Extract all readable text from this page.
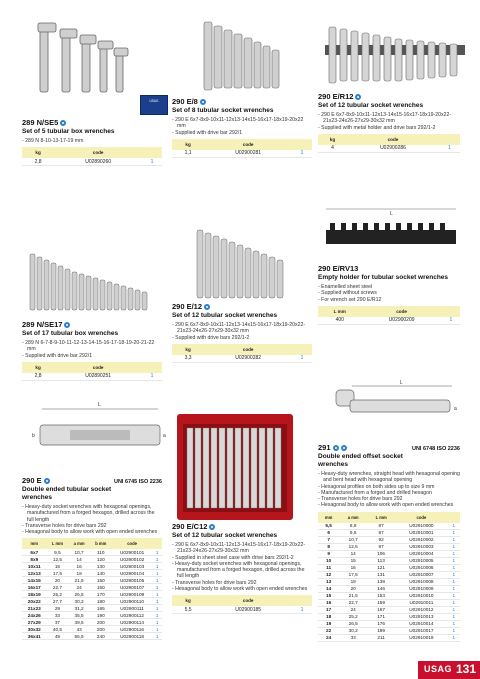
USAG
L
L
b	a
L
a
289 N/SE5
Set of 5 tubular box wrenches
- 289 N 8-10-13-17-19 mm
kg	code	
2,8	U02890260	1
290 E/8
Set of 8 tubular socket wrenches
- 290 E 6x7-8x9-10x11-12x13-14x15-16x17-18x19-20x22 mm
- Supplied with drive bar 292/1
kg	code	
1,1	U02900281	1
290 E/R12
Set of 12 tubular socket wrenches
- 290 E 6x7-8x9-10x11-12x13-14x15-16x17-18x19-20x22-21x23-24x26-27x29-30x32 mm
- Supplied with metal holder and drive bars 292/1-2
kg	code	
4	U02900286	1
289 N/SE17
Set of 17 tubular box wrenches
- 289 N 6-7-8-9-10-11-12-13-14-15-16-17-18-19-20-21-22 mm
- Supplied with drive bar 292/1
kg	code	
2,8	U02890251	1
290 E/12
Set of 12 tubular socket wrenches
- 290 E 6x7-8x9-10x11-12x13-14x15-16x17-18x19-20x22-21x23-24x26-27x29-30x32 mm
- Supplied with drive bars 292/1-2
kg	code	
3,3	U02900282	1
290 E/RV13
Empty holder for tubular socket wrenches
- Enamelled sheet steel
- Supplied without screws
- For wrench set 290 E/R12
L mm	code	
400	U02900209	1
290 E	UNI 6745 ISO 2236
Double ended tubular socket wrenches
- Heavy-duty socket wrenches with hexagonal openings, manufactured from a forged hexagon, drilled across the full length
- Transverse holes for drive bars 292
- Hexagonal body to allow work with open ended wrenches
mm	L mm	a mm	b mm	code	
6x7	9,5	10,7	110	U02900101	1
8x9	12,5	14	120	U02900102	1
10x11	15	16	130	U02900103	1
12x13	17,5	19	140	U02900104	1
14x15	20	21,5	150	U02900105	1
16x17	22,7	24	160	U02900107	1
18x19	25,2	26,5	170	U02900109	1
20x22	27,7	30,2	180	U02900110	1
21x23	29	31,2	185	U02900111	1
24x26	33	35,5	190	U02900112	1
27x29	37	39,5	200	U02900114	1
30x32	40,5	43	200	U02900116	1
36x41	49	55,5	240	U02900118	1
290 E/C12
Set of 12 tubular socket wrenches
- 290 E 6x7-8x9-10x11-12x13-14x15-16x17-18x19-20x22-21x23-24x26-27x29-30x32 mm
- Supplied in sheet steel case with drive bars 292/1-2
- Heavy-duty socket wrenches with hexagonal openings, manufactured from a forged hexagon, drilled across the full length
- Transverse holes for drive bars 292
- Hexagonal body to allow work with open ended wrenches
kg	code	
5,5	U02900185	1
291	UNI 6748 ISO 2236
Double ended offset socket wrenches
- Heavy-duty wrenches, straight head with hexagonal opening and bent head with hexagonal opening
- Hexagonal profiles on both sides up to size 9 mm
- Manufactured from a forged and drilled hexagon
- Transverse holes for drive bars 292
- Hexagonal body to allow work with open ended wrenches
mm	a mm	L mm	code	
5,5	8,8	87	U02910000	1
6	9,5	87	U02910001	1
7	10,7	92	U02910002	1
8	12,5	97	U02910003	1
9	14	106	U02910004	1
10	15	113	U02910005	1
11	16	121	U02910006	1
12	17,5	131	U02910007	1
13	19	138	U02910008	1
14	20	146	U02910009	1
15	21,5	153	U02910010	1
16	22,7	159	U02910011	1
17	24	167	U02910012	1
18	25,2	171	U02910013	1
19	26,5	176	U02910014	1
22	30,2	199	U02910017	1
24	33	211	U02910019	1
USAG 131
